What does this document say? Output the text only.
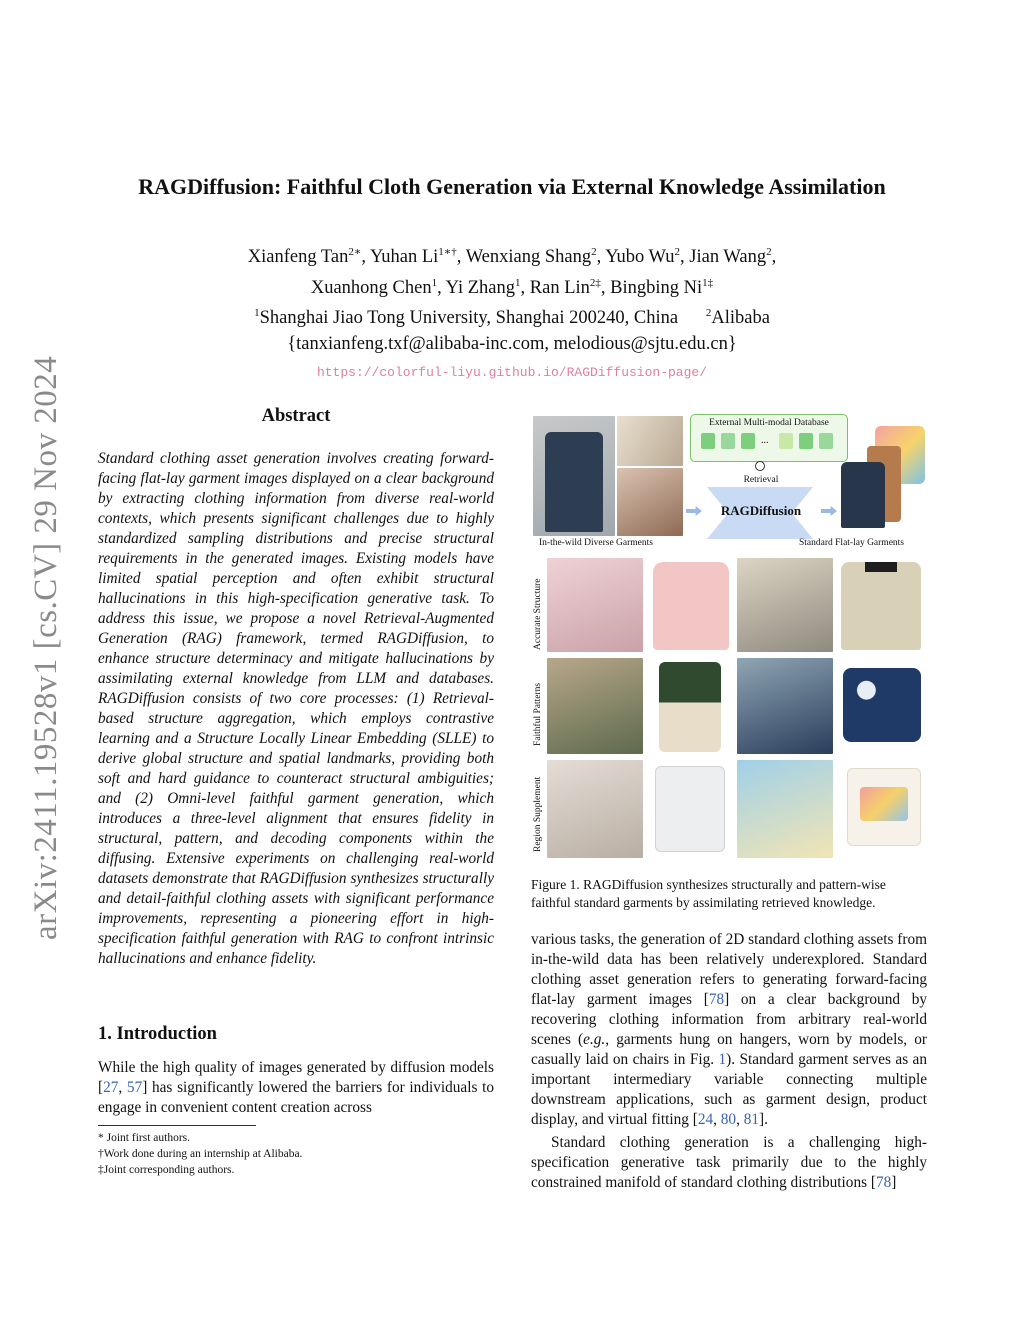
arXiv:2411.19528v1 [cs.CV] 29 Nov 2024
RAGDiffusion: Faithful Cloth Generation via External Knowledge Assimilation
Xianfeng Tan$^{2∗}$, Yuhan $Li^{1∗\dagger}$, Wenxiang Shang$^2$, Yubo Wu$^2$, Jian Wang$^2$,
Xuanhong Chen$^1$, Yi Zhang$^1$, Ran Lin$^{2\ddagger}$, Bingbing $Ni^{1\ddagger}$
$^1$Shanghai Jiao Tong University, Shanghai 200240, China	$^2$Alibaba
{tanxianfeng.txf@alibaba-inc.com, melodious@sjtu.edu.cn}
https://colorful-liyu.github.io/RAGDiffusion-page/
Abstract
Standard clothing asset generation involves creating forward-facing flat-lay garment images displayed on a clear background by extracting clothing information from diverse real-world contexts, which presents significant challenges due to highly standardized sampling distributions and precise structural requirements in the generated images. Existing models have limited spatial perception and often exhibit structural hallucinations in this high-specification generative task. To address this issue, we propose a novel Retrieval-Augmented Generation (RAG) framework, termed RAGDiffusion, to enhance structure determinacy and mitigate hallucinations by assimilating external knowledge from LLM and databases. RAGDiffusion consists of two core processes: (1) Retrieval-based structure aggregation, which employs contrastive learning and a Structure Locally Linear Embedding (SLLE) to derive global structure and spatial landmarks, providing both soft and hard guidance to counteract structural ambiguities; and (2) Omni-level faithful garment generation, which introduces a three-level alignment that ensures fidelity in structural, pattern, and decoding components within the diffusing. Extensive experiments on challenging real-world datasets demonstrate that RAGDiffusion synthesizes structurally and detail-faithful clothing assets with significant performance improvements, representing a pioneering effort in high-specification faithful generation with RAG to confront intrinsic hallucinations and enhance fidelity.
1. Introduction
While the high quality of images generated by diffusion models [27, 57] has significantly lowered the barriers for individuals to engage in convenient content creation across
* Joint first authors.
†Work done during an internship at Alibaba.
‡Joint corresponding authors.
External Multi-modal Database
...
Retrieval
RAGDiffusion
In-the-wild Diverse Garments	Standard Flat-lay Garments
Accurate Structure
Faithful Patterns
Region Supplement
Figure 1. RAGDiffusion synthesizes structurally and pattern-wise faithful standard garments by assimilating retrieved knowledge.

various tasks, the generation of 2D standard clothing assets from in-the-wild data has been relatively underexplored. Standard clothing asset generation refers to generating forward-facing flat-lay garment images [78] on a clear background by recovering clothing information from arbitrary real-world scenes (e.g., garments hung on hangers, worn by models, or casually laid on chairs in Fig. 1). Standard garment serves as an important intermediary variable connecting multiple downstream applications, such as garment design, product display, and virtual fitting [24, 80, 81].

Standard clothing generation is a challenging high-specification generative task primarily due to the highly constrained manifold of standard clothing distributions [78]
